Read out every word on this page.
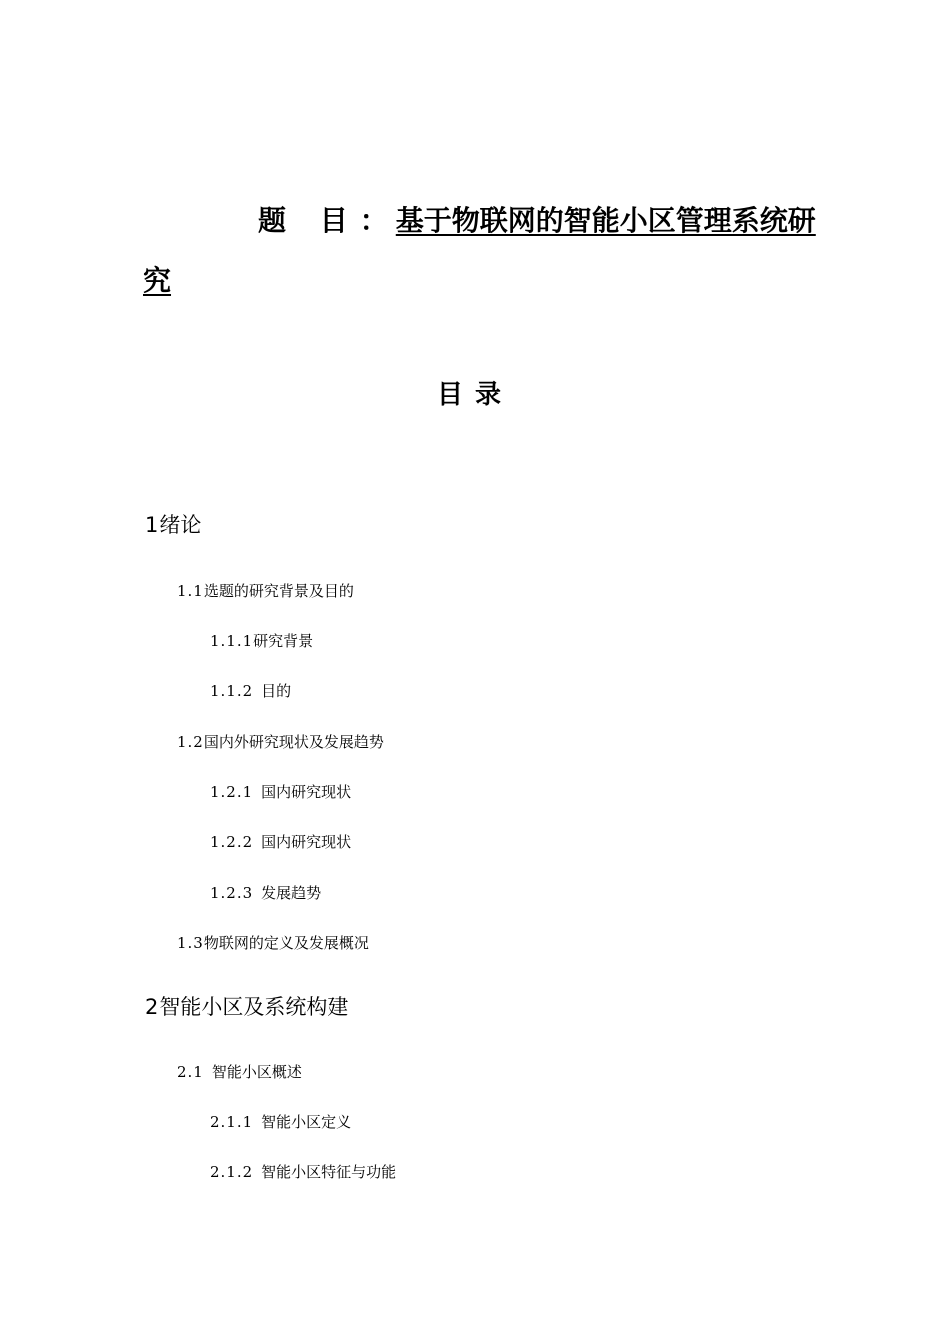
题 目： 基于物联网的智能小区管理系统研
究
目录
1绪论
1.1选题的研究背景及目的
1.1.1研究背景
1.1.2 目的
1.2国内外研究现状及发展趋势
1.2.1 国内研究现状
1.2.2 国内研究现状
1.2.3 发展趋势
1.3物联网的定义及发展概况
2智能小区及系统构建
2.1 智能小区概述
2.1.1 智能小区定义
2.1.2 智能小区特征与功能
